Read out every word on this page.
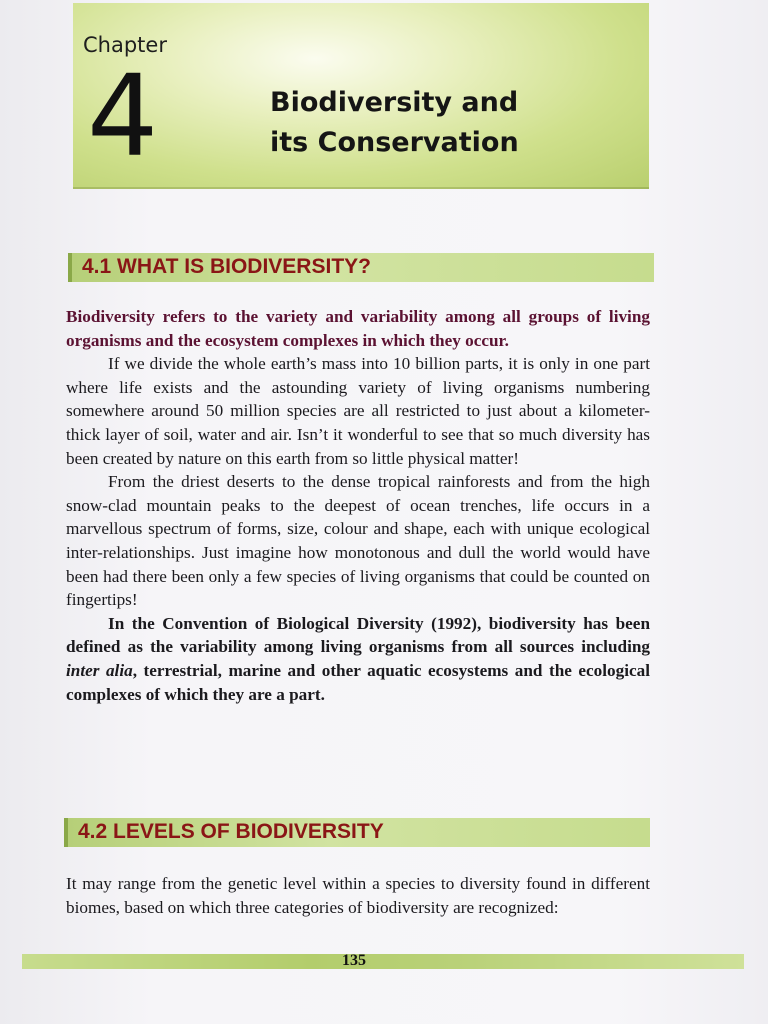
Chapter
4	Biodiversity and
its Conservation
4.1 WHAT IS BIODIVERSITY?

Biodiversity refers to the variety and variability among all groups of living organisms and the ecosystem complexes in which they occur.

If we divide the whole earth’s mass into 10 billion parts, it is only in one part where life exists and the astounding variety of living organisms numbering somewhere around 50 million species are all restricted to just about a kilometer-thick layer of soil, water and air. Isn’t it wonderful to see that so much diversity has been created by nature on this earth from so little physical matter!

From the driest deserts to the dense tropical rainforests and from the high snow-clad mountain peaks to the deepest of ocean trenches, life occurs in a marvellous spectrum of forms, size, colour and shape, each with unique ecological inter-relationships. Just imagine how monotonous and dull the world would have been had there been only a few species of living organisms that could be counted on fingertips!

In the Convention of Biological Diversity (1992), biodiversity has been defined as the variability among living organisms from all sources including inter alia, terrestrial, marine and other aquatic ecosystems and the ecological complexes of which they are a part.

4.2 LEVELS OF BIODIVERSITY

It may range from the genetic level within a species to diversity found in different biomes, based on which three categories of biodiversity are recognized:

135
